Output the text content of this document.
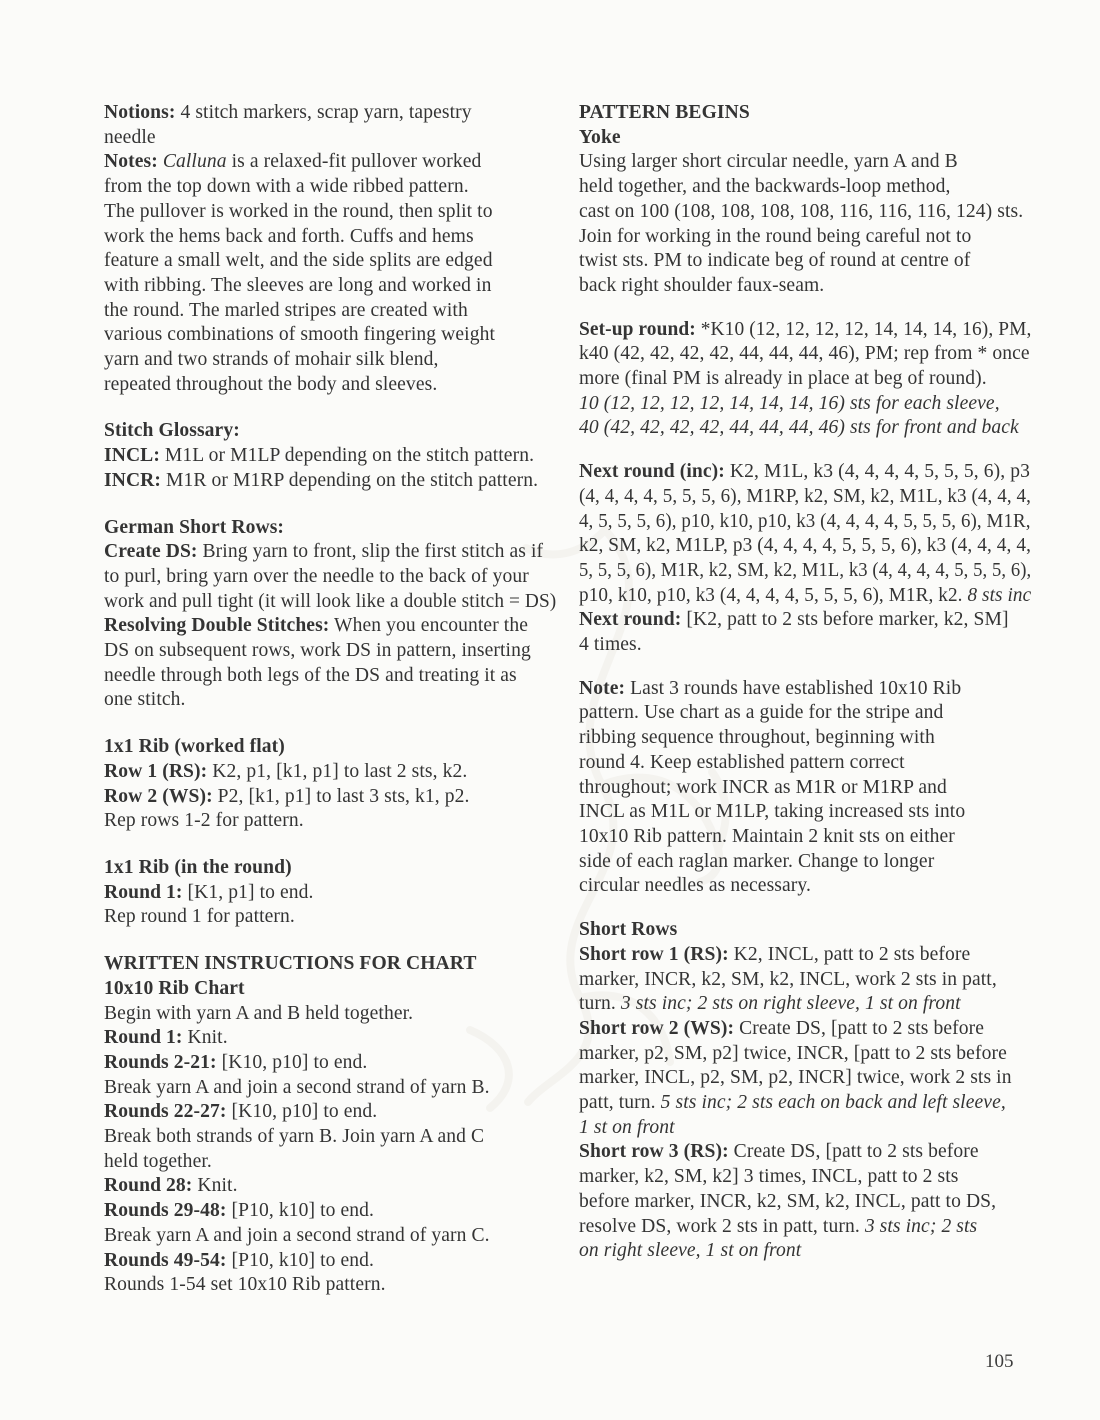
Notions: 4 stitch markers, scrap yarn, tapestry
needle
Notes: Calluna is a relaxed-fit pullover worked
from the top down with a wide ribbed pattern.
The pullover is worked in the round, then split to
work the hems back and forth. Cuffs and hems
feature a small welt, and the side splits are edged
with ribbing. The sleeves are long and worked in
the round. The marled stripes are created with
various combinations of smooth fingering weight
yarn and two strands of mohair silk blend,
repeated throughout the body and sleeves.
Stitch Glossary:
INCL: M1L or M1LP depending on the stitch pattern.
INCR: M1R or M1RP depending on the stitch pattern.
German Short Rows:
Create DS: Bring yarn to front, slip the first stitch as if
to purl, bring yarn over the needle to the back of your
work and pull tight (it will look like a double stitch = DS)
Resolving Double Stitches: When you encounter the
DS on subsequent rows, work DS in pattern, inserting
needle through both legs of the DS and treating it as
one stitch.
1x1 Rib (worked flat)
Row 1 (RS): K2, p1, [k1, p1] to last 2 sts, k2.
Row 2 (WS): P2, [k1, p1] to last 3 sts, k1, p2.
Rep rows 1-2 for pattern.
1x1 Rib (in the round)
Round 1: [K1, p1] to end.
Rep round 1 for pattern.
WRITTEN INSTRUCTIONS FOR CHART
10x10 Rib Chart
Begin with yarn A and B held together.
Round 1: Knit.
Rounds 2-21: [K10, p10] to end.
Break yarn A and join a second strand of yarn B.
Rounds 22-27: [K10, p10] to end.
Break both strands of yarn B. Join yarn A and C
held together.
Round 28: Knit.
Rounds 29-48: [P10, k10] to end.
Break yarn A and join a second strand of yarn C.
Rounds 49-54: [P10, k10] to end.
Rounds 1-54 set 10x10 Rib pattern.
PATTERN BEGINS
Yoke
Using larger short circular needle, yarn A and B
held together, and the backwards-loop method,
cast on 100 (108, 108, 108, 108, 116, 116, 116, 124) sts.
Join for working in the round being careful not to
twist sts. PM to indicate beg of round at centre of
back right shoulder faux-seam.
Set-up round: *K10 (12, 12, 12, 12, 14, 14, 14, 16), PM,
k40 (42, 42, 42, 42, 44, 44, 44, 46), PM; rep from * once
more (final PM is already in place at beg of round).
10 (12, 12, 12, 12, 14, 14, 14, 16) sts for each sleeve,
40 (42, 42, 42, 42, 44, 44, 44, 46) sts for front and back
Next round (inc): K2, M1L, k3 (4, 4, 4, 4, 5, 5, 5, 6), p3
(4, 4, 4, 4, 5, 5, 5, 6), M1RP, k2, SM, k2, M1L, k3 (4, 4, 4,
4, 5, 5, 5, 6), p10, k10, p10, k3 (4, 4, 4, 4, 5, 5, 5, 6), M1R,
k2, SM, k2, M1LP, p3 (4, 4, 4, 4, 5, 5, 5, 6), k3 (4, 4, 4, 4,
5, 5, 5, 6), M1R, k2, SM, k2, M1L, k3 (4, 4, 4, 4, 5, 5, 5, 6),
p10, k10, p10, k3 (4, 4, 4, 4, 5, 5, 5, 6), M1R, k2. 8 sts inc
Next round: [K2, patt to 2 sts before marker, k2, SM]
4 times.
Note: Last 3 rounds have established 10x10 Rib
pattern. Use chart as a guide for the stripe and
ribbing sequence throughout, beginning with
round 4. Keep established pattern correct
throughout; work INCR as M1R or M1RP and
INCL as M1L or M1LP, taking increased sts into
10x10 Rib pattern. Maintain 2 knit sts on either
side of each raglan marker. Change to longer
circular needles as necessary.
Short Rows
Short row 1 (RS): K2, INCL, patt to 2 sts before
marker, INCR, k2, SM, k2, INCL, work 2 sts in patt,
turn. 3 sts inc; 2 sts on right sleeve, 1 st on front
Short row 2 (WS): Create DS, [patt to 2 sts before
marker, p2, SM, p2] twice, INCR, [patt to 2 sts before
marker, INCL, p2, SM, p2, INCR] twice, work 2 sts in
patt, turn. 5 sts inc; 2 sts each on back and left sleeve,
1 st on front
Short row 3 (RS): Create DS, [patt to 2 sts before
marker, k2, SM, k2] 3 times, INCL, patt to 2 sts
before marker, INCR, k2, SM, k2, INCL, patt to DS,
resolve DS, work 2 sts in patt, turn. 3 sts inc; 2 sts
on right sleeve, 1 st on front
105
